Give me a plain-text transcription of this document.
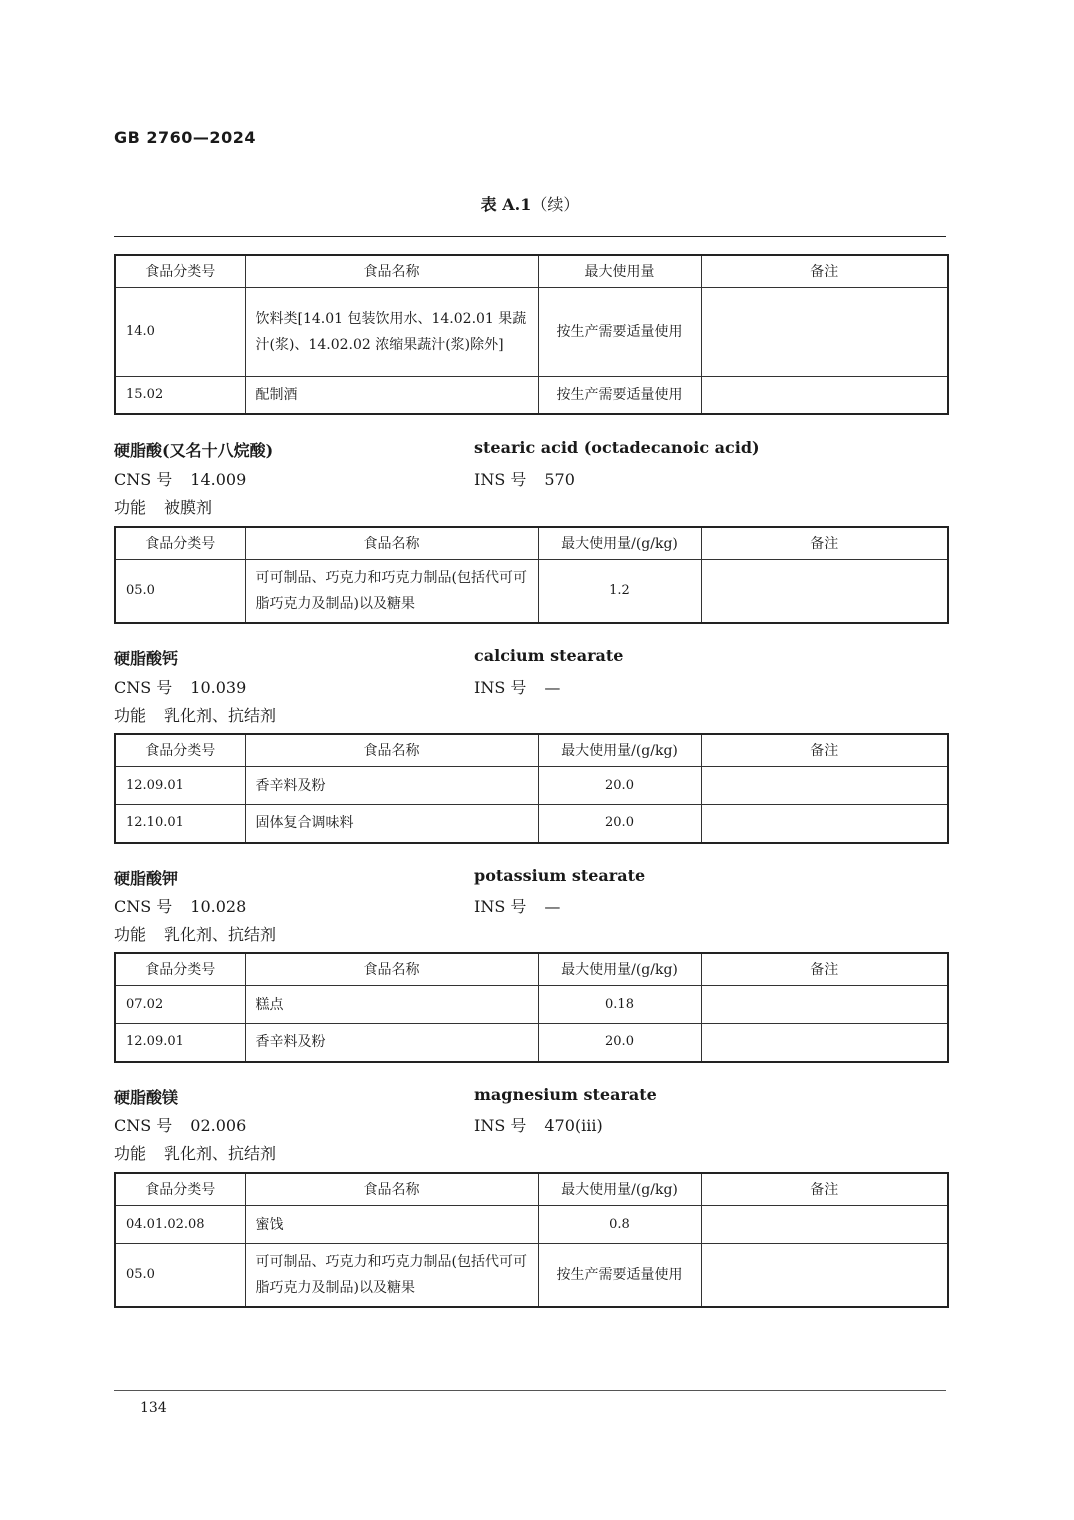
GB 2760—2024
表 A.1（续）
食品分类号	食品名称	最大使用量	备注
14.0	饮料类[14.01 包装饮用水、14.02.01 果蔬汁(浆)、14.02.02 浓缩果蔬汁(浆)除外]	按生产需要适量使用	
15.02	配制酒	按生产需要适量使用	
硬脂酸(又名十八烷酸)	stearic acid (octadecanoic acid)
CNS 号 14.009	INS 号 570
功能 被膜剂
食品分类号	食品名称	最大使用量/(g/kg)	备注
05.0	可可制品、巧克力和巧克力制品(包括代可可脂巧克力及制品)以及糖果	1.2	
硬脂酸钙	calcium stearate
CNS 号 10.039	INS 号 —
功能 乳化剂、抗结剂
食品分类号	食品名称	最大使用量/(g/kg)	备注
12.09.01	香辛料及粉	20.0	
12.10.01	固体复合调味料	20.0	
硬脂酸钾	potassium stearate
CNS 号 10.028	INS 号 —
功能 乳化剂、抗结剂
食品分类号	食品名称	最大使用量/(g/kg)	备注
07.02	糕点	0.18	
12.09.01	香辛料及粉	20.0	
硬脂酸镁	magnesium stearate
CNS 号 02.006	INS 号 470(iii)
功能 乳化剂、抗结剂
食品分类号	食品名称	最大使用量/(g/kg)	备注
04.01.02.08	蜜饯	0.8	
05.0	可可制品、巧克力和巧克力制品(包括代可可脂巧克力及制品)以及糖果	按生产需要适量使用	
134
